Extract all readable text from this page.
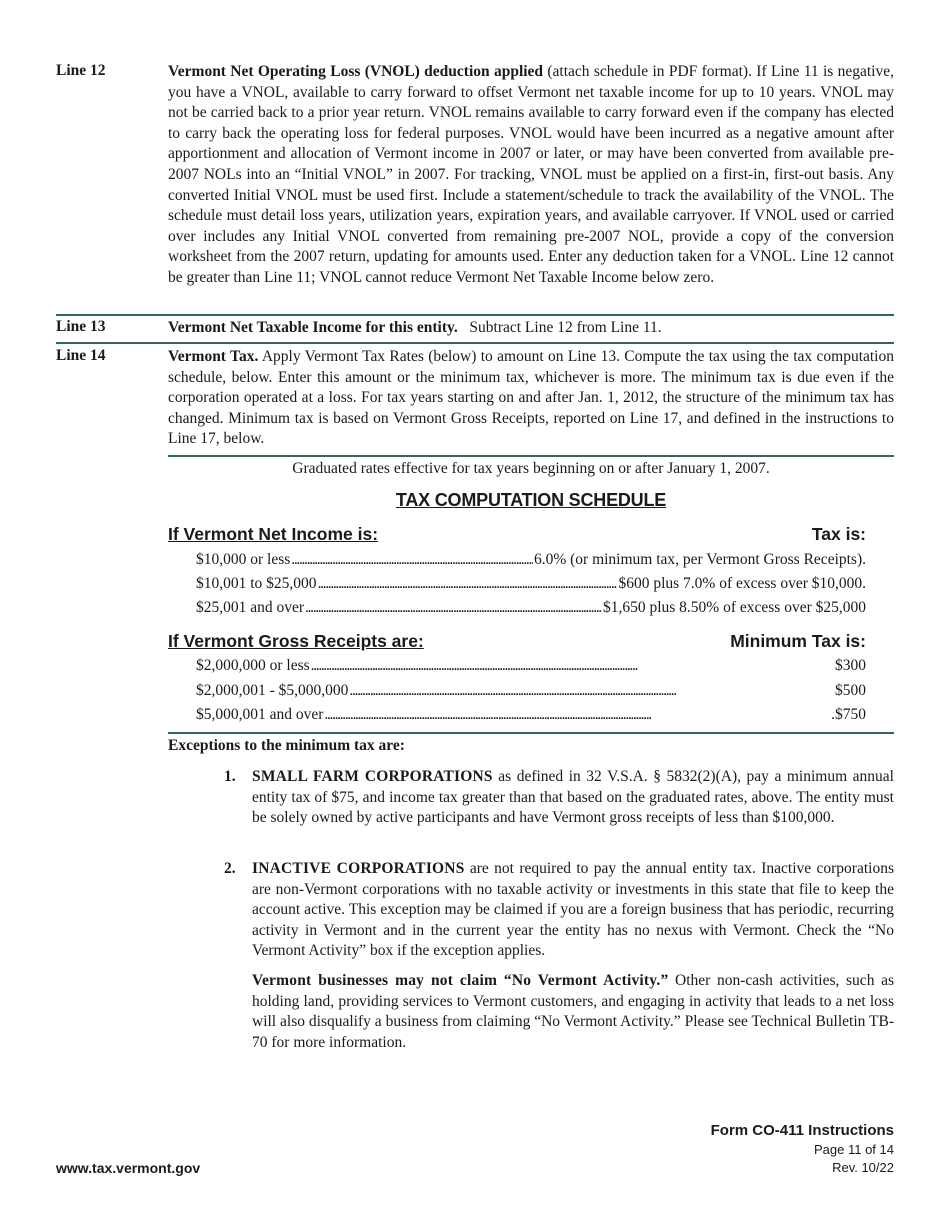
Line 12	Vermont Net Operating Loss (VNOL) deduction applied (attach schedule in PDF format). If Line 11 is negative, you have a VNOL, available to carry forward to offset Vermont net taxable income for up to 10 years. VNOL may not be carried back to a prior year return. VNOL remains available to carry forward even if the company has elected to carry back the operating loss for federal purposes. VNOL would have been incurred as a negative amount after apportionment and allocation of Vermont income in 2007 or later, or may have been converted from available pre-2007 NOLs into an “Initial VNOL” in 2007. For tracking, VNOL must be applied on a first-in, first-out basis. Any converted Initial VNOL must be used first. Include a statement/schedule to track the availability of the VNOL. The schedule must detail loss years, utilization years, expiration years, and available carryover. If VNOL used or carried over includes any Initial VNOL converted from remaining pre-2007 NOL, provide a copy of the conversion worksheet from the 2007 return, updating for amounts used. Enter any deduction taken for a VNOL. Line 12 cannot be greater than Line 11; VNOL cannot reduce Vermont Net Taxable Income below zero.
Line 13	Vermont Net Taxable Income for this entity.   Subtract Line 12 from Line 11.
Line 14	Vermont Tax. Apply Vermont Tax Rates (below) to amount on Line 13. Compute the tax using the tax computation schedule, below. Enter this amount or the minimum tax, whichever is more. The minimum tax is due even if the corporation operated at a loss. For tax years starting on and after Jan. 1, 2012, the structure of the minimum tax has changed. Minimum tax is based on Vermont Gross Receipts, reported on Line 17, and defined in the instructions to Line 17, below.
Graduated rates effective for tax years beginning on or after January 1, 2007.
TAX COMPUTATION SCHEDULE
If Vermont Net Income is:	Tax is:
$10,000 or less . . .	6.0% (or minimum tax, per Vermont Gross Receipts).
$10,001 to $25,000 . . .	$600 plus 7.0% of excess over $10,000.
$25,001 and over . . .	$1,650 plus 8.50% of excess over $25,000
If Vermont Gross Receipts are:	Minimum Tax is:
$2,000,000 or less . . .	$300
$2,000,001 - $5,000,000 . . .	$500
$5,000,001 and over . . .	.$750
Exceptions to the minimum tax are:
1. SMALL FARM CORPORATIONS as defined in 32 V.S.A. § 5832(2)(A), pay a minimum annual entity tax of $75, and income tax greater than that based on the graduated rates, above. The entity must be solely owned by active participants and have Vermont gross receipts of less than $100,000.
2. INACTIVE CORPORATIONS are not required to pay the annual entity tax. Inactive corporations are non-Vermont corporations with no taxable activity or investments in this state that file to keep the account active. This exception may be claimed if you are a foreign business that has periodic, recurring activity in Vermont and in the current year the entity has no nexus with Vermont. Check the “No Vermont Activity” box if the exception applies.
Vermont businesses may not claim “No Vermont Activity.” Other non-cash activities, such as holding land, providing services to Vermont customers, and engaging in activity that leads to a net loss will also disqualify a business from claiming “No Vermont Activity.” Please see Technical Bulletin TB-70 for more information.
Form CO-411 Instructions
Page 11 of 14
Rev. 10/22
www.tax.vermont.gov
